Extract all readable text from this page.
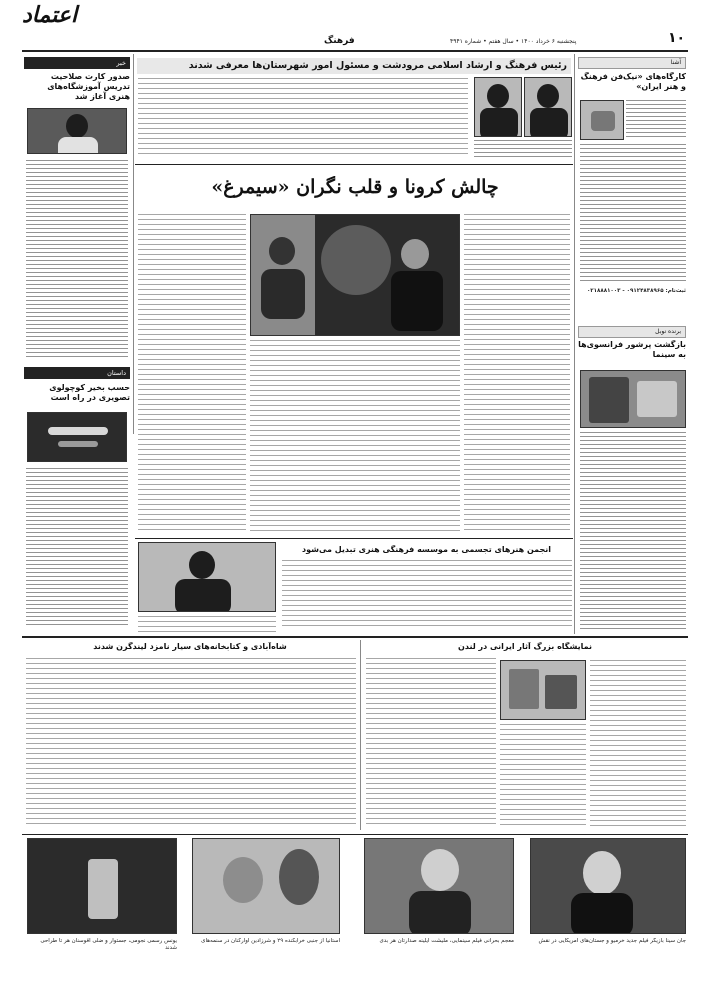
اعتماد
فرهنگ	پنجشنبه ۶ خرداد ۱۴۰۰ • سال هفتم • شماره ۴۹۴۱	۱۰
خبر
صدور کارت صلاحیت تدریس آموزشگاه‌های هنری آغاز شد
داستان
حسب بخیر کوچولوی تصویری در راه است
رئیس فرهنگ و ارشاد اسلامی مرودشت و مسئول امور شهرستان‌ها معرفی شدند
چالش کرونا و قلب نگران «سیمرغ»
انجمن هنرهای تجسمی به موسسه فرهنگی هنری تبدیل می‌شود
آشنا
کارگاه‌های «نیک‌فن فرهنگ و هنر ایران»
ثبت‌نام: ۰۹۱۲۴۸۳۸۹۶۵ - ۰۲۱۸۸۸۱۰۰۳
برنده نوبل
بازگشت پرشور فرانسوی‌ها به سینما
شاه‌آبادی و کتابخانه‌های سیار نامزد لیندگرن شدند	نمایشگاه بزرگ آثار ایرانی در لندن
یونس رسمی نجومی، جستوار و ضلی اقوسنان هر تا طراحی شدند
آستانیا از جنبی خرابکنده ۲۹ و شرزادین آوارکنان در سنمه‌های	معجم بحرانی فیلم سینمایی، ملیشت آیلینه صدارتان هر بدی	جان سینا بازیگر فیلم جدید خرمیو و جستان‌های آمریکایی در نقش
